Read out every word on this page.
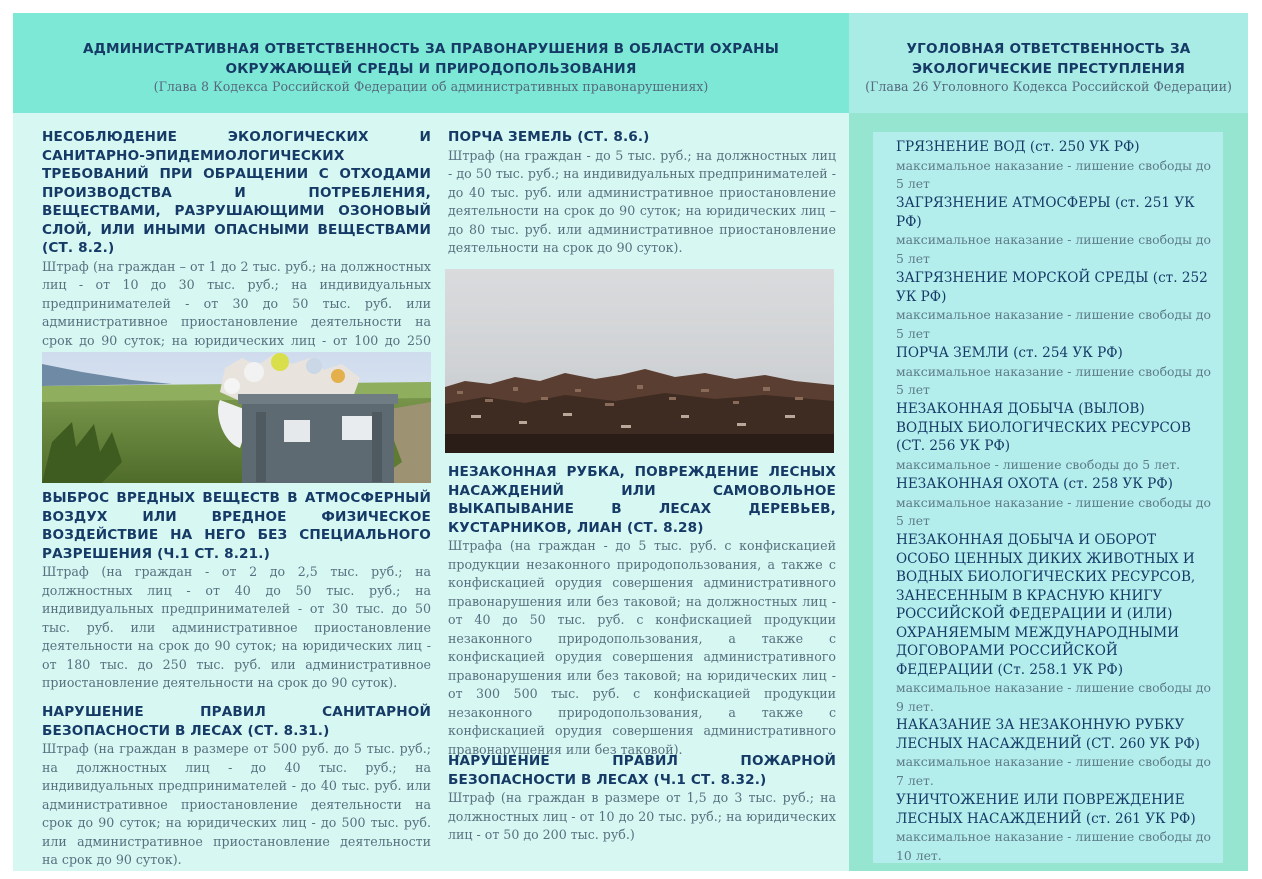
АДМИНИСТРАТИВНАЯ ОТВЕТСТВЕННОСТЬ ЗА ПРАВОНАРУШЕНИЯ В ОБЛАСТИ ОХРАНЫ ОКРУЖАЮЩЕЙ СРЕДЫ И ПРИРОДОПОЛЬЗОВАНИЯ
(Глава 8 Кодекса Российской Федерации об административных правонарушениях)
УГОЛОВНАЯ ОТВЕТСТВЕННОСТЬ ЗА ЭКОЛОГИЧЕСКИЕ ПРЕСТУПЛЕНИЯ
(Глава 26 Уголовного Кодекса Российской Федерации)

НЕСОБЛЮДЕНИЕ ЭКОЛОГИЧЕСКИХ И САНИТАРНО-ЭПИДЕМИОЛОГИЧЕСКИХ ТРЕБОВАНИЙ ПРИ ОБРАЩЕНИИ С ОТХОДАМИ ПРОИЗВОДСТВА И ПОТРЕБЛЕНИЯ, ВЕЩЕСТВАМИ, РАЗРУШАЮЩИМИ ОЗОНОВЫЙ СЛОЙ, ИЛИ ИНЫМИ ОПАСНЫМИ ВЕЩЕСТВАМИ (СТ. 8.2.)

Штраф (на граждан – от 1 до 2 тыс. руб.; на должностных лиц - от 10 до 30 тыс. руб.; на индивидуальных предпринимателей - от 30 до 50 тыс. руб. или административное приостановление деятельности на срок до 90 суток; на юридических лиц - от 100 до 250

ВЫБРОС ВРЕДНЫХ ВЕЩЕСТВ В АТМОСФЕРНЫЙ ВОЗДУХ ИЛИ ВРЕДНОЕ ФИЗИЧЕСКОЕ ВОЗДЕЙСТВИЕ НА НЕГО БЕЗ СПЕЦИАЛЬНОГО РАЗРЕШЕНИЯ (Ч.1 СТ. 8.21.)

Штраф (на граждан - от 2 до 2,5 тыс. руб.; на должностных лиц - от 40 до 50 тыс. руб.; на индивидуальных предпринимателей - от 30 тыс. до 50 тыс. руб. или административное приостановление деятельности на срок до 90 суток; на юридических лиц - от 180 тыс. до 250 тыс. руб. или административное приостановление деятельности на срок до 90 суток).

НАРУШЕНИЕ ПРАВИЛ САНИТАРНОЙ БЕЗОПАСНОСТИ В ЛЕСАХ (СТ. 8.31.)

Штраф (на граждан в размере от 500 руб. до 5 тыс. руб.; на должностных лиц - до 40 тыс. руб.; на индивидуальных предпринимателей - до 40 тыс. руб. или административное приостановление деятельности на срок до 90 суток; на юридических лиц - до 500 тыс. руб. или административное приостановление деятельности на срок до 90 суток).

ПОРЧА ЗЕМЕЛЬ (СТ. 8.6.)

Штраф (на граждан - до 5 тыс. руб.; на должностных лиц - до 50 тыс. руб.; на индивидуальных предпринимателей - до 40 тыс. руб. или административное приостановление деятельности на срок до 90 суток; на юридических лиц – до 80 тыс. руб. или административное приостановление деятельности на срок до 90 суток).

НЕЗАКОННАЯ РУБКА, ПОВРЕЖДЕНИЕ ЛЕСНЫХ НАСАЖДЕНИЙ ИЛИ САМОВОЛЬНОЕ ВЫКАПЫВАНИЕ В ЛЕСАХ ДЕРЕВЬЕВ, КУСТАРНИКОВ, ЛИАН (СТ. 8.28)

Штрафа (на граждан - до 5 тыс. руб. с конфискацией продукции незаконного природопользования, а также с конфискацией орудия совершения административного правонарушения или без таковой; на должностных лиц - от 40 до 50 тыс. руб. с конфискацией продукции незаконного природопользования, а также с конфискацией орудия совершения административного правонарушения или без таковой; на юридических лиц - от 300 500 тыс. руб. с конфискацией продукции незаконного природопользования, а также с конфискацией орудия совершения административного правонарушения или без таковой).

НАРУШЕНИЕ ПРАВИЛ ПОЖАРНОЙ БЕЗОПАСНОСТИ В ЛЕСАХ (Ч.1 СТ. 8.32.)

Штраф (на граждан в размере от 1,5 до 3 тыс. руб.; на должностных лиц - от 10 до 20 тыс. руб.; на юридических лиц - от 50 до 200 тыс. руб.)

ГРЯЗНЕНИЕ ВОД (ст. 250 УК РФ)

максимальное наказание - лишение свободы до 5 лет

ЗАГРЯЗНЕНИЕ АТМОСФЕРЫ (ст. 251 УК РФ)

максимальное наказание - лишение свободы до 5 лет

ЗАГРЯЗНЕНИЕ МОРСКОЙ СРЕДЫ (ст. 252 УК РФ)

максимальное наказание - лишение свободы до 5 лет

ПОРЧА ЗЕМЛИ (ст. 254 УК РФ)

максимальное наказание - лишение свободы до 5 лет

НЕЗАКОННАЯ ДОБЫЧА (ВЫЛОВ) ВОДНЫХ БИОЛОГИЧЕСКИХ РЕСУРСОВ (СТ. 256 УК РФ)

максимальное - лишение свободы до 5 лет.

НЕЗАКОННАЯ ОХОТА (ст. 258 УК РФ)

максимальное наказание - лишение свободы до 5 лет

НЕЗАКОННАЯ ДОБЫЧА И ОБОРОТ ОСОБО ЦЕННЫХ ДИКИХ ЖИВОТНЫХ И ВОДНЫХ БИОЛОГИЧЕСКИХ РЕСУРСОВ, ЗАНЕСЕННЫМ В КРАСНУЮ КНИГУ РОССИЙСКОЙ ФЕДЕРАЦИИ И (ИЛИ) ОХРАНЯЕМЫМ МЕЖДУНАРОДНЫМИ ДОГОВОРАМИ РОССИЙСКОЙ ФЕДЕРАЦИИ (Ст. 258.1 УК РФ)

максимальное наказание - лишение свободы до 9 лет.

НАКАЗАНИЕ ЗА НЕЗАКОННУЮ РУБКУ ЛЕСНЫХ НАСАЖДЕНИЙ (СТ. 260 УК РФ)

максимальное наказание - лишение свободы до 7 лет.

УНИЧТОЖЕНИЕ ИЛИ ПОВРЕЖДЕНИЕ ЛЕСНЫХ НАСАЖДЕНИЙ (ст. 261 УК РФ)

максимальное наказание - лишение свободы до 10 лет.
